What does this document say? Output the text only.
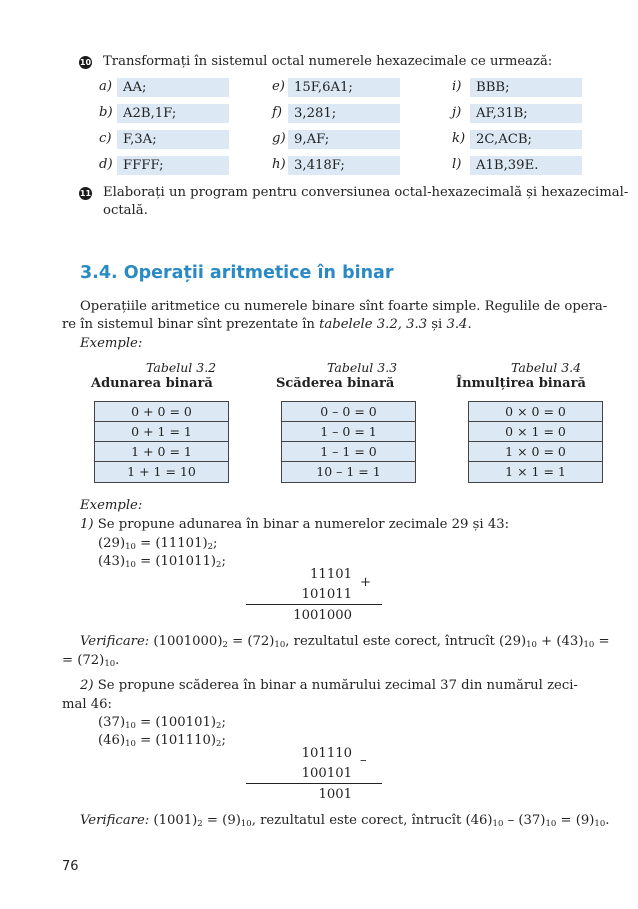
10 Transformați în sistemul octal numerele hexazecimale ce urmează:
a) AA;
b) A2B,1F;
c) F,3A;
d) FFFF;
e) 15F,6A1;
f) 3,281;
g) 9,AF;
h) 3,418F;
i)	BBB;
j)	AF,31B;
k) 2C,ACB;
l)	A1B,39E.
11 Elaborați un program pentru conversiunea octal-hexazecimală și hexazecimal-
octală.
3.4. Operații aritmetice în binar
Operațiile aritmetice cu numerele binare sînt foarte simple. Regulile de opera-
re în sistemul binar sînt prezentate în tabelele 3.2, 3.3 și 3.4.
Exemple:
Tabelul 3.2
Adunarea binară
0 + 0 = 0
0 + 1 = 1
1 + 0 = 1
1 + 1 = 10
Tabelul 3.3
Scăderea binară
0 – 0 = 0
1 – 0 = 1
1 – 1 = 0
10 – 1 = 1
Tabelul 3.4
Înmulțirea binară
0 × 0 = 0
0 × 1 = 0
1 × 0 = 0
1 × 1 = 1
Exemple:
1) Se propune adunarea în binar a numerelor zecimale 29 și 43:
$(29)_{10} = (11101)_2$;
$(43)_{10} = (101011)_2$;
11101
+
101011
1001000
Verificare: $(1001000)_2 = (72)_{10}$, rezultatul este corect, întrucît $(29)_{10} + (43)_{10}$ =
= $(72)_{10}$.
2) Se propune scăderea în binar a numărului zecimal 37 din numărul zeci-
mal 46:
$(37)_{10} = (100101)_2$;
$(46)_{10} = (101110)_2$;
101110 –
100101
1001
Verificare: $(1001)_2 = (9)_{10}$, rezultatul este corect, întrucît $(46)_{10} - (37)_{10} = (9)_{10}$.
76
